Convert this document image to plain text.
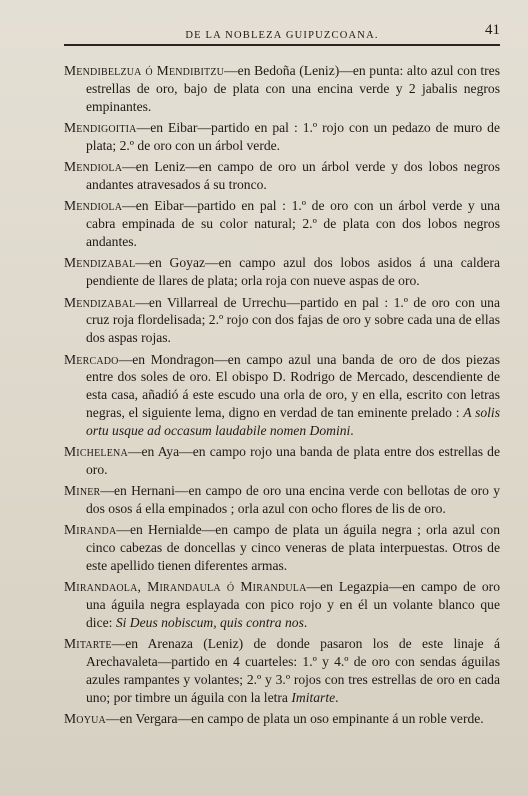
DE LA NOBLEZA GUIPUZCOANA.	41

Mendibelzua ó Mendibitzu—en Bedoña (Leniz)—en punta: alto azul con tres estrellas de oro, bajo de plata con una encina verde y 2 jabalis negros empinantes.

Mendigoitia—en Eibar—partido en pal : 1.º rojo con un pedazo de muro de plata; 2.º de oro con un árbol verde.

Mendiola—en Leniz—en campo de oro un árbol verde y dos lobos negros andantes atravesados á su tronco.

Mendiola—en Eibar—partido en pal : 1.º de oro con un árbol verde y una cabra empinada de su color natural; 2.º de plata con dos lobos negros andantes.

Mendizabal—en Goyaz—en campo azul dos lobos asidos á una caldera pendiente de llares de plata; orla roja con nueve aspas de oro.

Mendizabal—en Villarreal de Urrechu—partido en pal : 1.º de oro con una cruz roja flordelisada; 2.º rojo con dos fajas de oro y sobre cada una de ellas dos aspas rojas.

Mercado—en Mondragon—en campo azul una banda de oro de dos piezas entre dos soles de oro. El obispo D. Rodrigo de Mercado, descendiente de esta casa, añadió á este escudo una orla de oro, y en ella, escrito con letras negras, el siguiente lema, digno en verdad de tan eminente prelado : A solis ortu usque ad occasum laudabile nomen Domini.

Michelena—en Aya—en campo rojo una banda de plata entre dos estrellas de oro.

Miner—en Hernani—en campo de oro una encina verde con bellotas de oro y dos osos á ella empinados ; orla azul con ocho flores de lis de oro.

Miranda—en Hernialde—en campo de plata un águila negra ; orla azul con cinco cabezas de doncellas y cinco veneras de plata interpuestas. Otros de este apellido tienen diferentes armas.

Mirandaola, Mirandaula ó Mirandula—en Legazpia—en campo de oro una águila negra esplayada con pico rojo y en él un volante blanco que dice: Si Deus nobiscum, quis contra nos.

Mitarte—en Arenaza (Leniz) de donde pasaron los de este linaje á Arechavaleta—partido en 4 cuarteles: 1.º y 4.º de oro con sendas águilas azules rampantes y volantes; 2.º y 3.º rojos con tres estrellas de oro en cada uno; por timbre un águila con la letra Imitarte.

Moyua—en Vergara—en campo de plata un oso empinante á un roble verde.
